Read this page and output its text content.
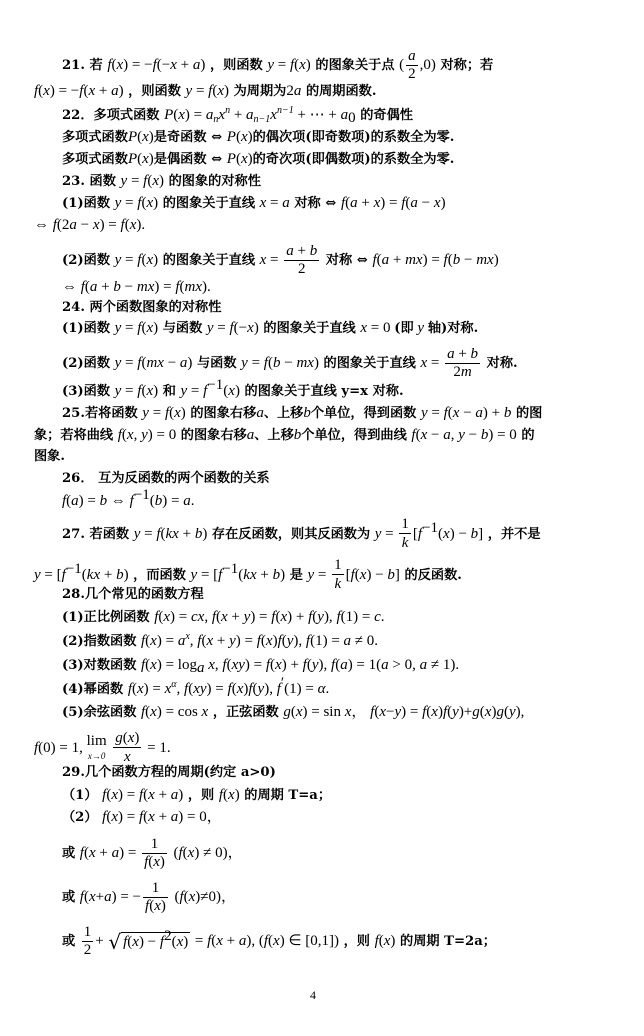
21. 若 f(x) = −f(−x + a) ，则函数 y = f(x) 的图象关于点 ( $\frac{a}{2} ,0$) 对称；若
f(x) = −f(x + a) ，则函数 y = f(x) 为周期为2a 的周期函数.
22．多项式函数 $P(x) = a_nx^n + a_{n-1}x^{n-1}$ + ⋯ + $a_0$ 的奇偶性
多项式函数P(x)是奇函数 ⇔ P(x)的偶次项(即奇数项)的系数全为零.
多项式函数P(x)是偶函数 ⇔ P(x)的奇次项(即偶数项)的系数全为零.
23. 函数 y = f(x) 的图象的对称性
(1)函数 y = f(x) 的图象关于直线 x = a 对称 ⇔ f(a + x) = f(a − x)
⇔ f(2a − x) = f(x).
(2)函数 y = f(x) 的图象关于直线 $x = \frac{a + b}{2}$ 对称 ⇔ f(a + mx) = f(b − mx)
⇔ f(a + b − mx) = f(mx).
24. 两个函数图象的对称性
(1)函数 y = f(x) 与函数 y = f(−x) 的图象关于直线 x = 0 (即 y 轴)对称.
(2)函数 y = f(mx − a) 与函数 y = f(b − mx) 的图象关于直线 $x = \frac{a + b}{2m}$ 对称.
(3)函数 y = f(x) 和 $y = f^{-1}(x)$ 的图象关于直线 y=x 对称.
25.若将函数 y = f(x) 的图象右移a、上移b个单位，得到函数 y = f(x − a) + b 的图
象；若将曲线 f(x, y) = 0 的图象右移a、上移b个单位，得到曲线 f(x − a, y − b) = 0 的
图象.
26． 互为反函数的两个函数的关系
f(a) = b ⇔ $f^{-1}(b) = a$.
27. 若函数 y = f(kx + b) 存在反函数，则其反函数为 $y = \frac{1}{k} [f^{-1}(x) - b]$ ，并不是
$y = [f^{-1}(kx + b)$ ，而函数 $y = [f^{-1}(kx + b)$ 是 $y = \frac{1}{k} [f(x) - b]$ 的反函数.
28.几个常见的函数方程
(1)正比例函数 f(x) = cx, f(x + y) = f(x) + f(y), f(1) = c.
(2)指数函数 $f(x) = a^x$, f(x + y) = f(x)f(y), f(1) = a ≠ 0.
(3)对数函数 $f(x) = \log_a x$, f(xy) = f(x) + f(y), f(a) = 1(a > 0, a ≠ 1).
(4)幂函数 $f(x) = x^\alpha$, f(xy) = f(x)f(y), f′(1) = α.
(5)余弦函数 f(x) = cos x ，正弦函数 g(x) = sin x， f(x−y) = f(x)f(y)+g(x)g(y),
f(0) = 1, lim
x→0
$\frac{g(x)}{x} = 1$.
29.几个函数方程的周期(约定 a>0)
（1） f(x) = f(x + a) ，则 f(x) 的周期 T=a；
（2） f(x) = f(x + a) = 0，
或 $f(x + a) = \frac{1}{f(x)} (f(x) \ne 0)$，
或 f(x+a) = − $\frac{1}{f(x)} (f(x)\ne 0)$，
或 $\frac{1}{2}$ + √ $f(x) - f^2(x) = f(x + a)$, (f(x) ∈ [0,1]) ，则 f(x) 的周期 T=2a；
4
